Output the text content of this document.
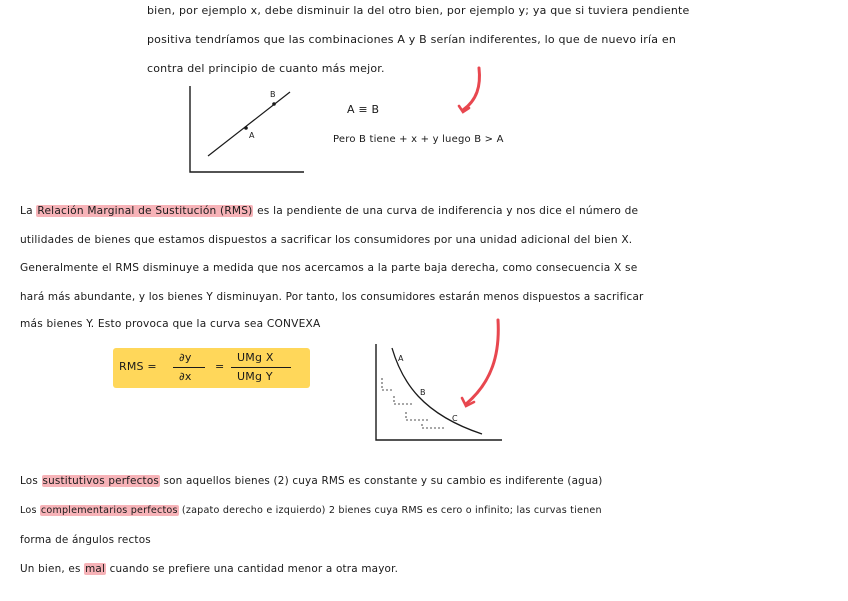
bien, por ejemplo x, debe disminuir la del otro bien, por ejemplo y; ya que si tuviera pendiente
positiva tendríamos que las combinaciones A y B serían indiferentes, lo que de nuevo iría en
contra del principio de cuanto más mejor.
A
B
A ≡ B
Pero B tiene + x + y luego B > A
La Relación Marginal de Sustitución (RMS) es la pendiente de una curva de indiferencia y nos dice el número de
utilidades de bienes que estamos dispuestos a sacrificar los consumidores por una unidad adicional del bien X.
Generalmente el RMS disminuye a medida que nos acercamos a la parte baja derecha, como consecuencia X se
hará más abundante, y los bienes Y disminuyan. Por tanto, los consumidores estarán menos dispuestos a sacrificar
más bienes Y. Esto provoca que la curva sea CONVEXA
RMS =
∂y
∂x
=
UMg X
UMg Y
A
B
C
Los sustitutivos perfectos son aquellos bienes (2) cuya RMS es constante y su cambio es indiferente (agua)
Los complementarios perfectos (zapato derecho e izquierdo) 2 bienes cuya RMS es cero o infinito; las curvas tienen
forma de ángulos rectos
Un bien, es mal cuando se prefiere una cantidad menor a otra mayor.
